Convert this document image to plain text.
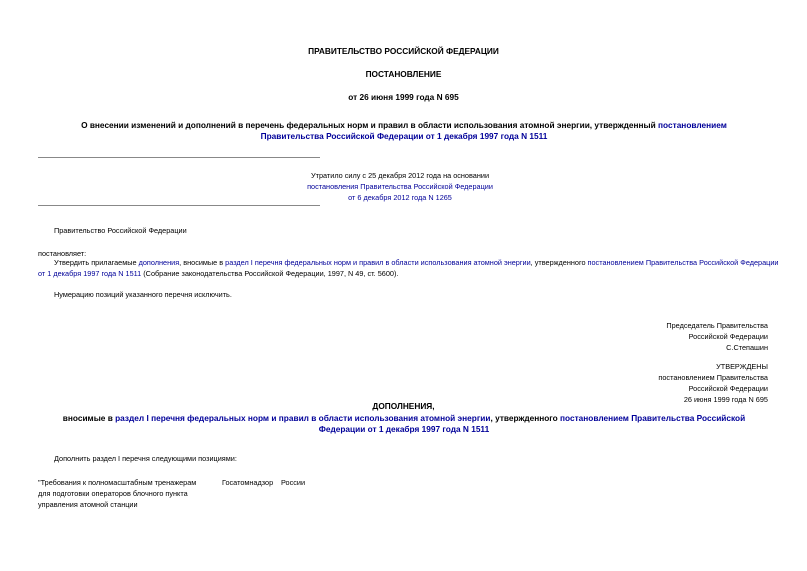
ПРАВИТЕЛЬСТВО РОССИЙСКОЙ ФЕДЕРАЦИИ
ПОСТАНОВЛЕНИЕ
от 26 июня 1999 года N 695
О внесении изменений и дополнений в перечень федеральных норм и правил в области использования атомной энергии, утвержденный постановлением
Правительства Российской Федерации от 1 декабря 1997 года N 1511
Утратило силу с 25 декабря 2012 года на основании
постановления Правительства Российской Федерации
от 6 декабря 2012 года N 1265
Правительство Российской Федерации
постановляет:
Утвердить прилагаемые дополнения, вносимые в раздел I перечня федеральных норм и правил в области использования атомной энергии, утвержденного постановлением Правительства Российской Федерации
от 1 декабря 1997 года N 1511 (Собрание законодательства Российской Федерации, 1997, N 49, ст. 5600).
Нумерацию позиций указанного перечня исключить.
Председатель Правительства
Российской Федерации
С.Степашин
УТВЕРЖДЕНЫ
постановлением Правительства
Российской Федерации
26 июня 1999 года N 695
ДОПОЛНЕНИЯ,
вносимые в раздел I перечня федеральных норм и правил в области использования атомной энергии, утвержденного постановлением Правительства Российской
Федерации от 1 декабря 1997 года N 1511
Дополнить раздел I перечня следующими позициями:
"Требования к полномасштабным тренажерам
для подготовки операторов блочного пункта
управления атомной станции
Госатомнадзор России
